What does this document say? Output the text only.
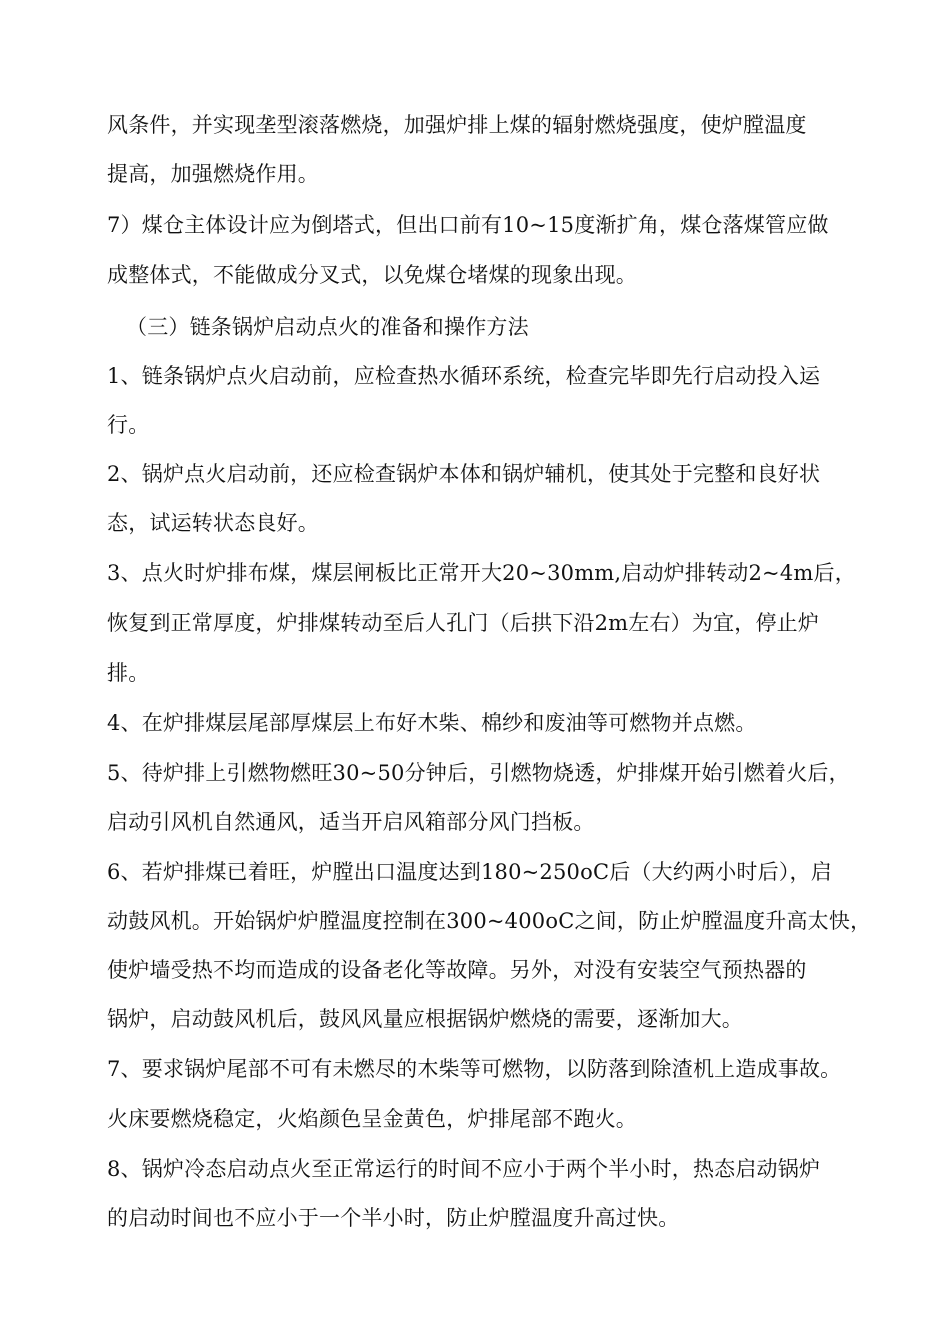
风条件，并实现垄型滚落燃烧，加强炉排上煤的辐射燃烧强度，使炉膛温度
提高，加强燃烧作用。
7）煤仓主体设计应为倒塔式，但出口前有10~15度渐扩角，煤仓落煤管应做
成整体式，不能做成分叉式，以免煤仓堵煤的现象出现。
（三）链条锅炉启动点火的准备和操作方法
1、链条锅炉点火启动前，应检查热水循环系统，检查完毕即先行启动投入运
行。
2、锅炉点火启动前，还应检查锅炉本体和锅炉辅机，使其处于完整和良好状
态，试运转状态良好。
3、点火时炉排布煤，煤层闸板比正常开大20~30mm,启动炉排转动2~4m后，
恢复到正常厚度，炉排煤转动至后人孔门（后拱下沿2m左右）为宜，停止炉
排。
4、在炉排煤层尾部厚煤层上布好木柴、棉纱和废油等可燃物并点燃。
5、待炉排上引燃物燃旺30~50分钟后，引燃物烧透，炉排煤开始引燃着火后，
启动引风机自然通风，适当开启风箱部分风门挡板。
6、若炉排煤已着旺，炉膛出口温度达到180~250oC后（大约两小时后），启
动鼓风机。开始锅炉炉膛温度控制在300~400oC之间，防止炉膛温度升高太快，
使炉墙受热不均而造成的设备老化等故障。另外，对没有安装空气预热器的
锅炉，启动鼓风机后，鼓风风量应根据锅炉燃烧的需要，逐渐加大。
7、要求锅炉尾部不可有未燃尽的木柴等可燃物，以防落到除渣机上造成事故。
火床要燃烧稳定，火焰颜色呈金黄色，炉排尾部不跑火。
8、锅炉冷态启动点火至正常运行的时间不应小于两个半小时，热态启动锅炉
的启动时间也不应小于一个半小时，防止炉膛温度升高过快。
